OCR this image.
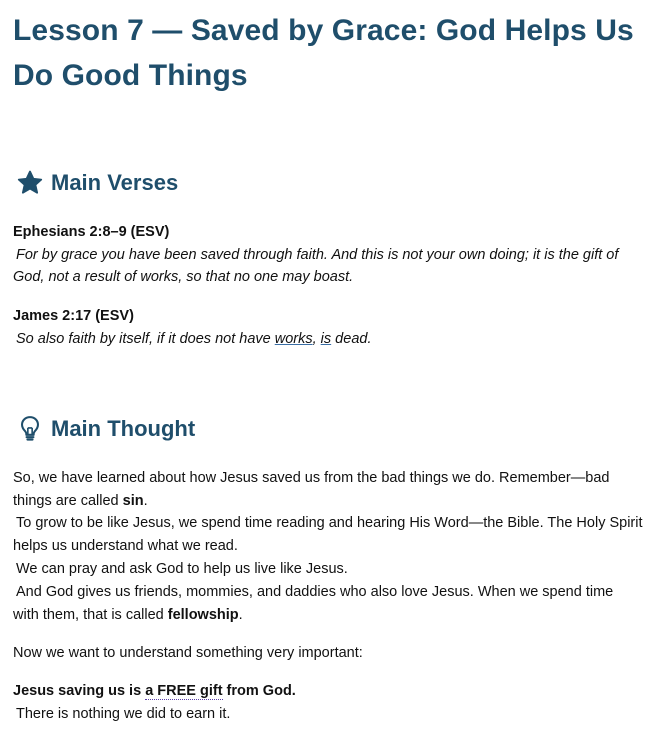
Lesson 7 — Saved by Grace: God Helps Us Do Good Things
Main Verses
Ephesians 2:8–9 (ESV)
For by grace you have been saved through faith. And this is not your own doing; it is the gift of God, not a result of works, so that no one may boast.
James 2:17 (ESV)
So also faith by itself, if it does not have works, is dead.
Main Thought
So, we have learned about how Jesus saved us from the bad things we do. Remember—bad things are called sin.
To grow to be like Jesus, we spend time reading and hearing His Word—the Bible. The Holy Spirit helps us understand what we read.
We can pray and ask God to help us live like Jesus.
And God gives us friends, mommies, and daddies who also love Jesus. When we spend time with them, that is called fellowship.
Now we want to understand something very important:
Jesus saving us is a FREE gift from God.
There is nothing we did to earn it.
